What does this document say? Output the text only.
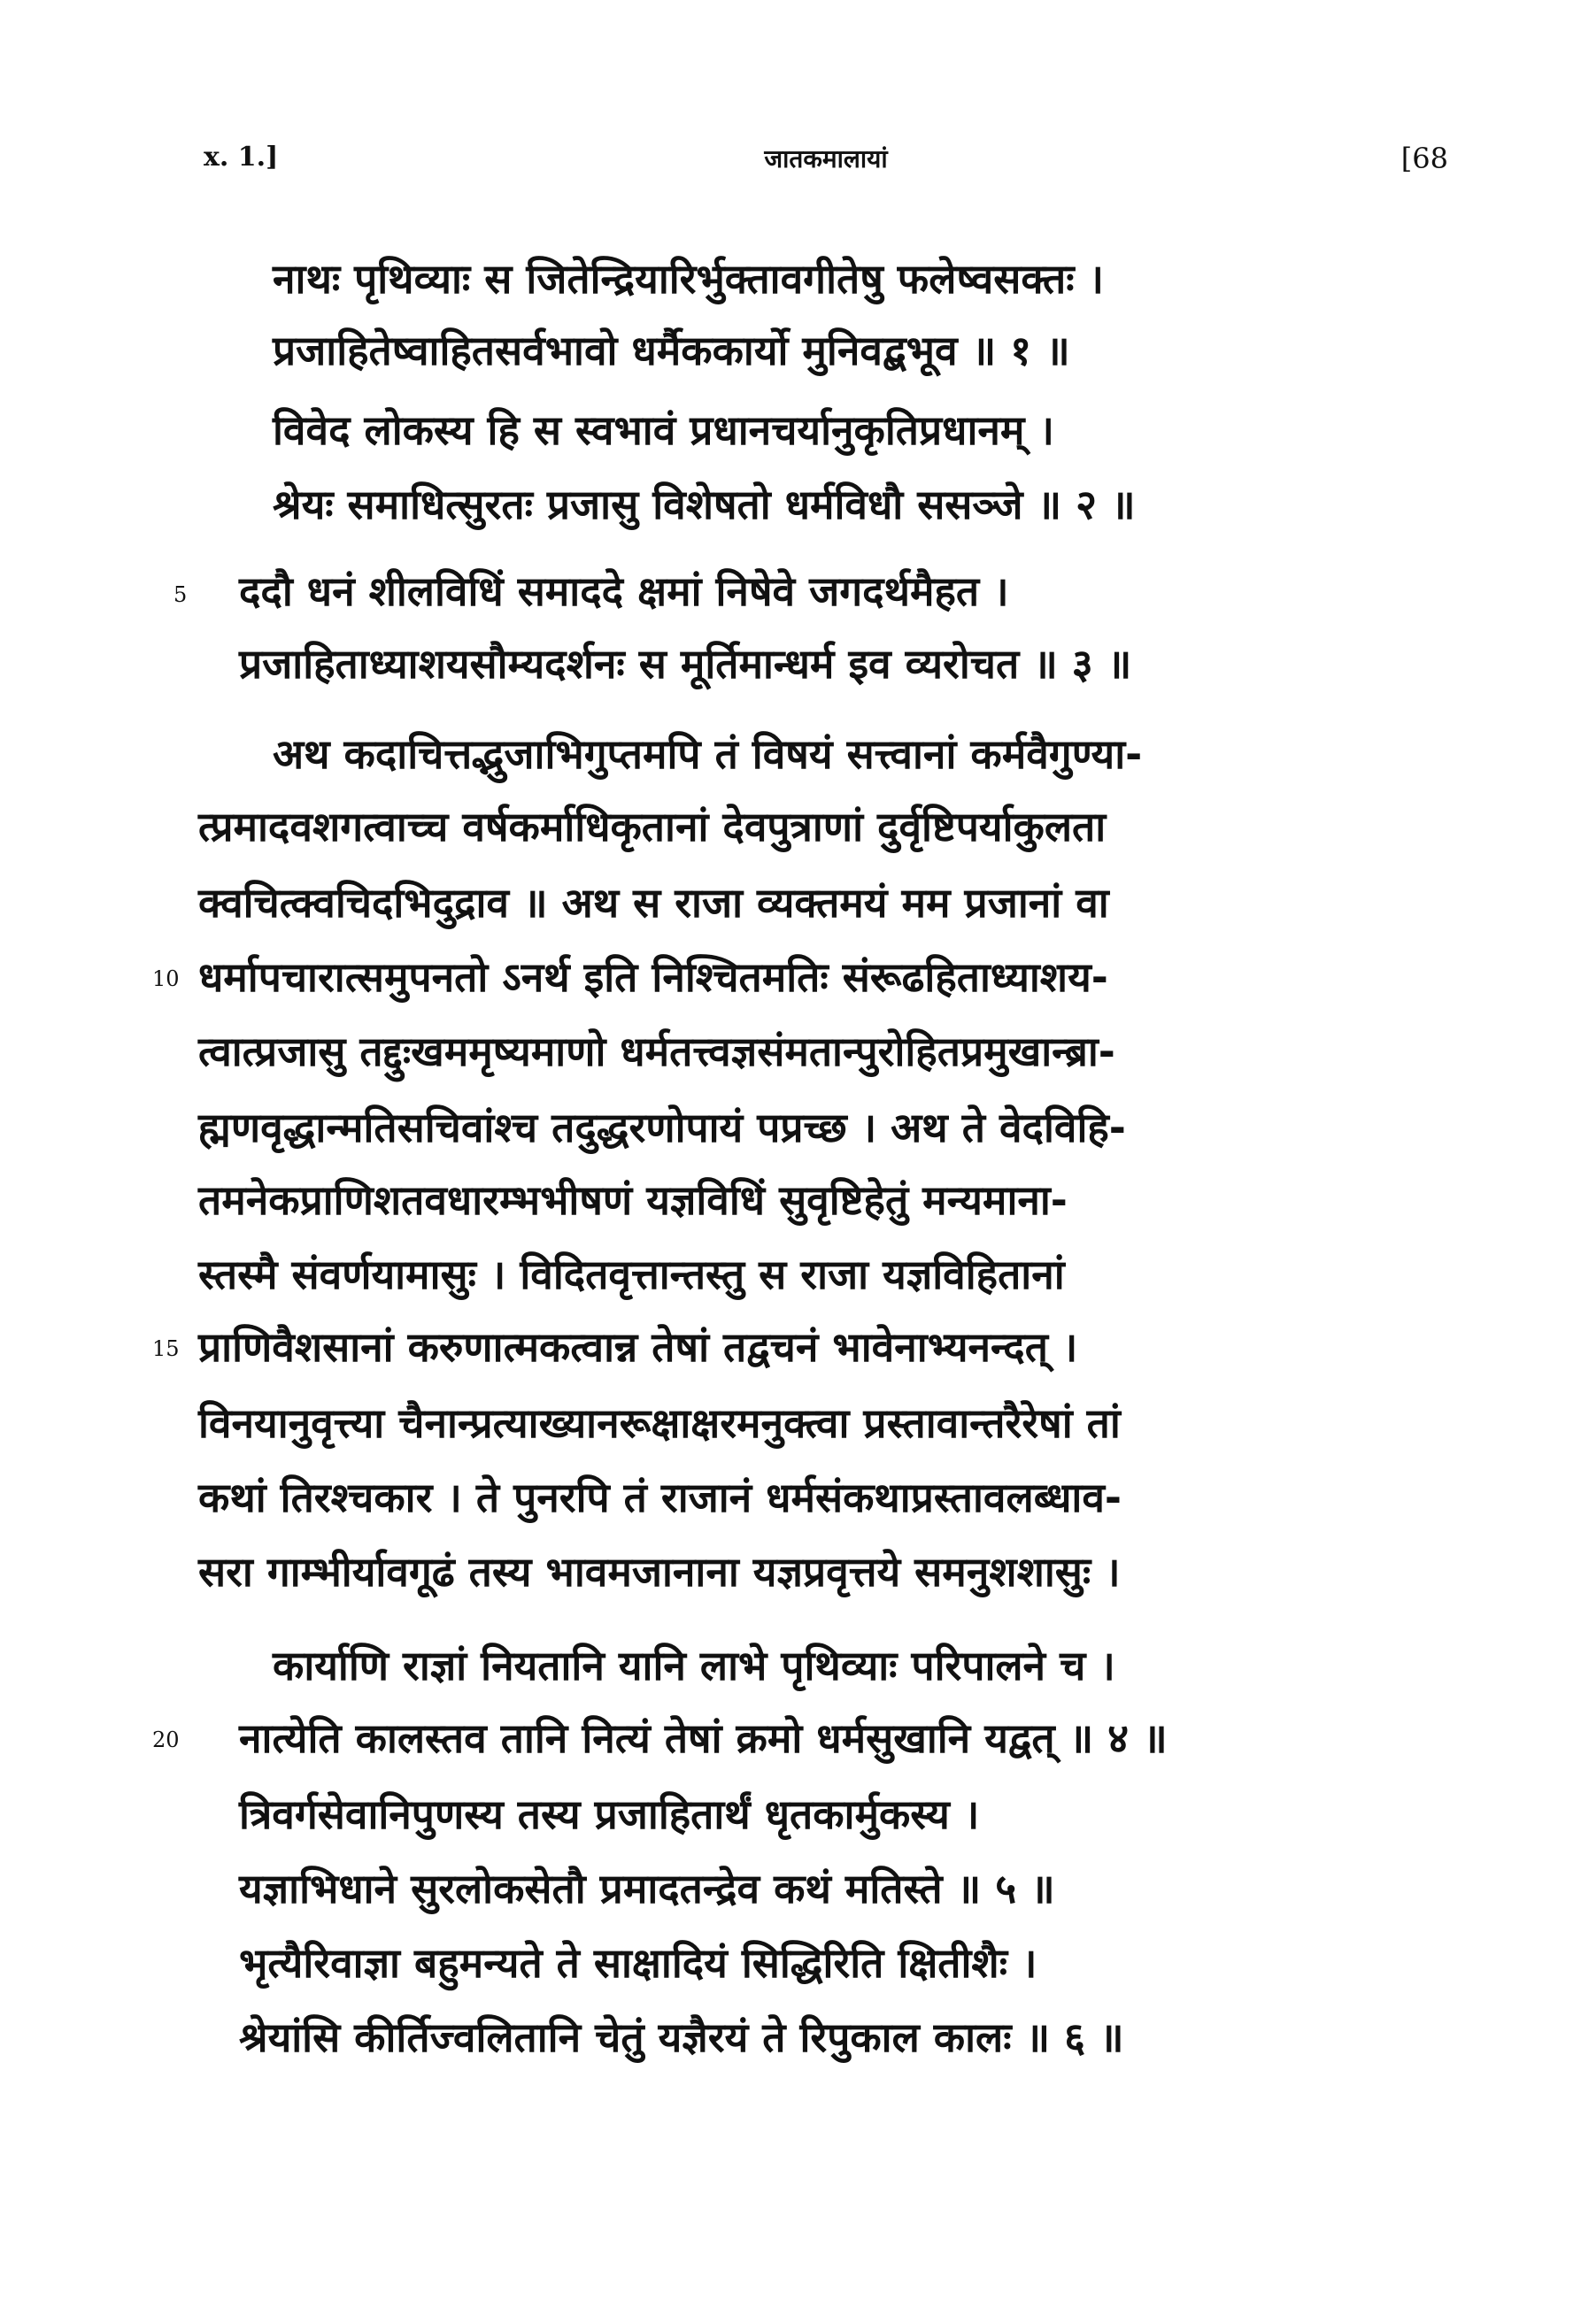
x. 1.]	जातकमालायां	[68
नाथः पृथिव्याः स जितेन्द्रियारिर्भुक्तावगीतेषु फलेष्वसक्तः ।
प्रजाहितेष्वाहितसर्वभावो धर्मैककार्यो मुनिवद्बभूव ॥ १ ॥
विवेद लोकस्य हि स स्वभावं प्रधानचर्यानुकृतिप्रधानम् ।
श्रेयः समाधित्सुरतः प्रजासु विशेषतो धर्मविधौ ससञ्जे ॥ २ ॥
5 ददौ धनं शीलविधिं समाददे क्षमां निषेवे जगदर्थमैहत ।
प्रजाहिताध्याशयसौम्यदर्शनः स मूर्तिमान्धर्म इव व्यरोचत ॥ ३ ॥
अथ कदाचित्तद्भुजाभिगुप्तमपि तं विषयं सत्त्वानां कर्मवैगुण्या-
त्प्रमादवशगत्वाच्च वर्षकर्माधिकृतानां देवपुत्राणां दुर्वृष्टिपर्याकुलता
क्वचित्क्वचिदभिदुद्राव ॥ अथ स राजा व्यक्तमयं मम प्रजानां वा
10 धर्मापचारात्समुपनतो ऽनर्थ इति निश्चितमतिः संरूढहिताध्याशय-
त्वात्प्रजासु तद्दुःखममृष्यमाणो धर्मतत्त्वज्ञसंमतान्पुरोहितप्रमुखान्ब्रा-
ह्मणवृद्धान्मतिसचिवांश्च तदुद्धरणोपायं पप्रच्छ । अथ ते वेदविहि-
तमनेकप्राणिशतवधारम्भभीषणं यज्ञविधिं सुवृष्टिहेतुं मन्यमाना-
स्तस्मै संवर्णयामासुः । विदितवृत्तान्तस्तु स राजा यज्ञविहितानां
15 प्राणिवैशसानां करुणात्मकत्वान्न तेषां तद्वचनं भावेनाभ्यनन्दत् ।
विनयानुवृत्त्या चैनान्प्रत्याख्यानरूक्षाक्षरमनुक्त्वा प्रस्तावान्तरैरेषां तां
कथां तिरश्चकार । ते पुनरपि तं राजानं धर्मसंकथाप्रस्तावलब्धाव-
सरा गाम्भीर्यावगूढं तस्य भावमजानाना यज्ञप्रवृत्तये समनुशशासुः ।
कार्याणि राज्ञां नियतानि यानि लाभे पृथिव्याः परिपालने च ।
20 नात्येति कालस्तव तानि नित्यं तेषां क्रमो धर्मसुखानि यद्वत् ॥ ४ ॥
त्रिवर्गसेवानिपुणस्य तस्य प्रजाहितार्थं धृतकार्मुकस्य ।
यज्ञाभिधाने सुरलोकसेतौ प्रमादतन्द्रेव कथं मतिस्ते ॥ ५ ॥
भृत्यैरिवाज्ञा बहुमन्यते ते साक्षादियं सिद्धिरिति क्षितीशैः ।
श्रेयांसि कीर्तिज्वलितानि चेतुं यज्ञैरयं ते रिपुकाल कालः ॥ ६ ॥
